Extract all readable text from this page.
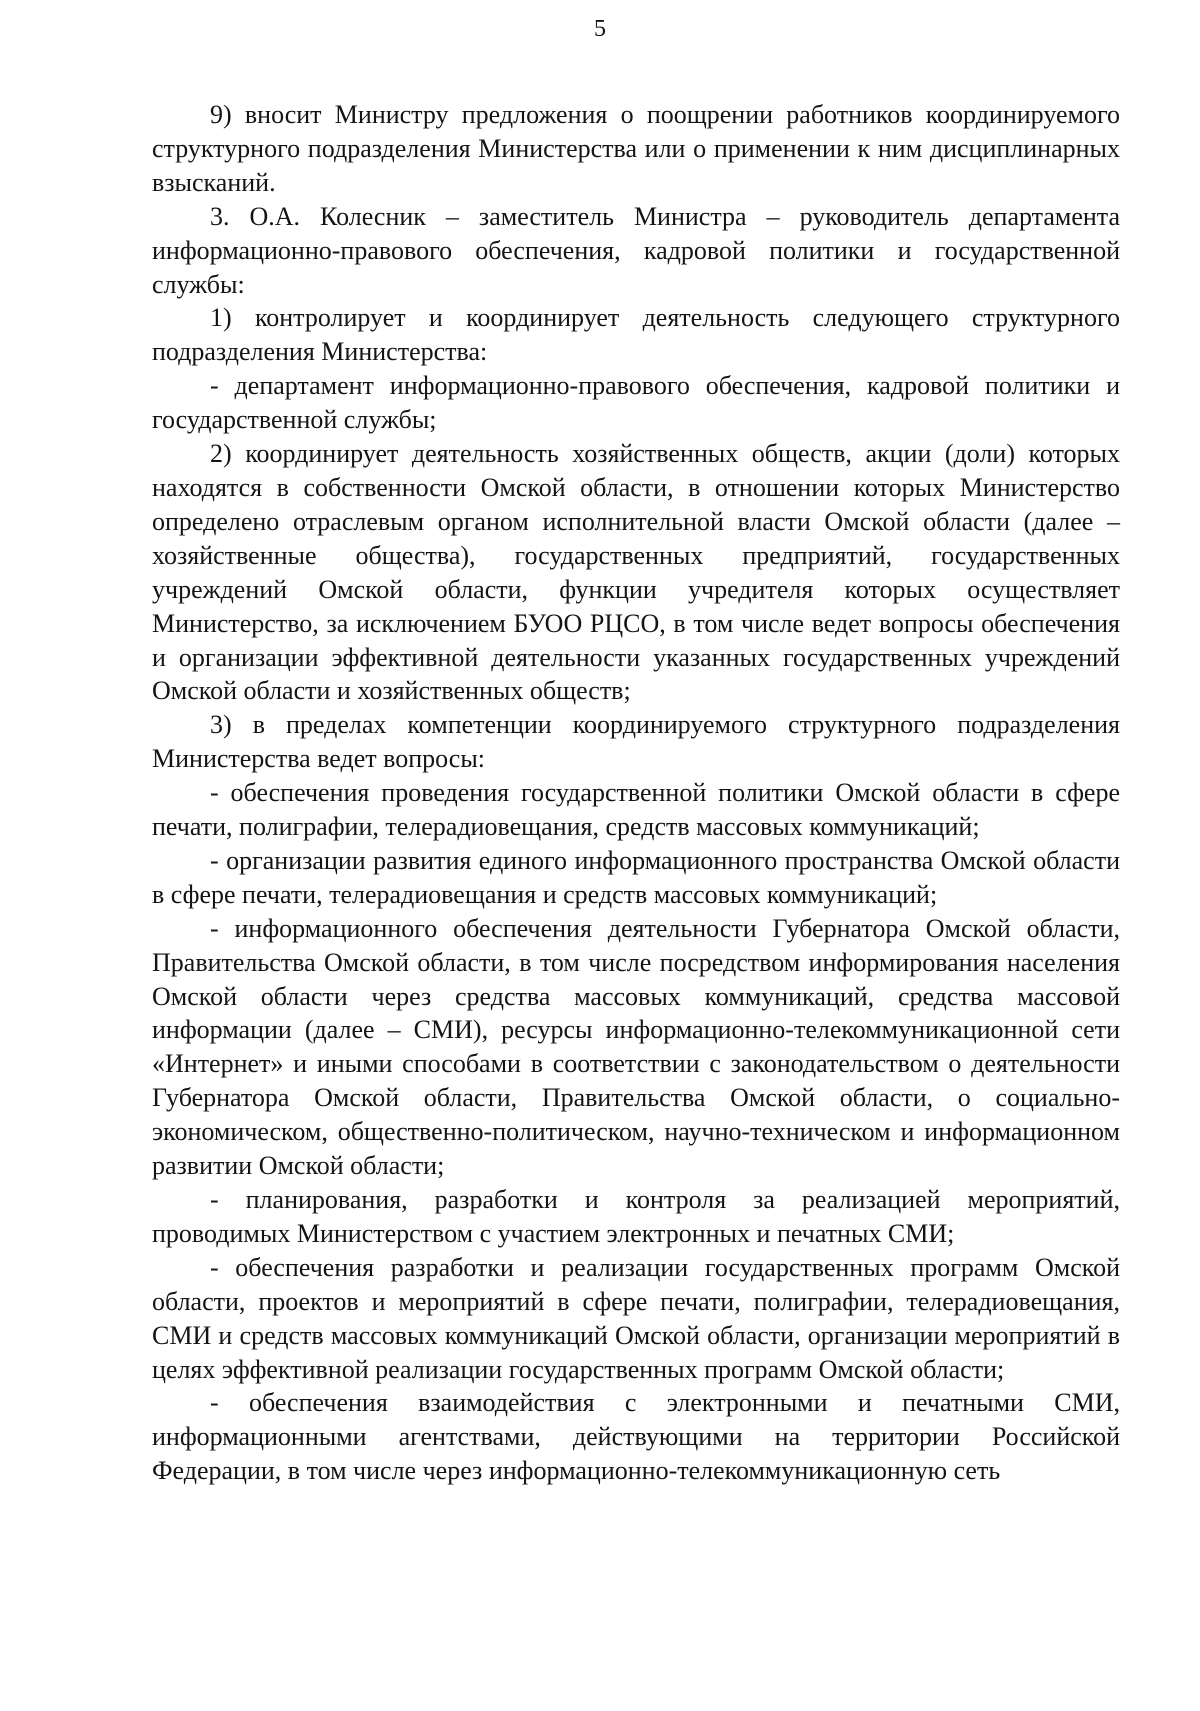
5

9) вносит Министру предложения о поощрении работников координируемого структурного подразделения Министерства или о применении к ним дисциплинарных взысканий.

3. О.А. Колесник – заместитель Министра – руководитель департамента информационно-правового обеспечения, кадровой политики и государственной службы:

1) контролирует и координирует деятельность следующего структурного подразделения Министерства:

- департамент информационно-правового обеспечения, кадровой политики и государственной службы;

2) координирует деятельность хозяйственных обществ, акции (доли) которых находятся в собственности Омской области, в отношении которых Министерство определено отраслевым органом исполнительной власти Омской области (далее – хозяйственные общества), государственных предприятий, государственных учреждений Омской области, функции учредителя которых осуществляет Министерство, за исключением БУОО РЦСО, в том числе ведет вопросы обеспечения и организации эффективной деятельности указанных государственных учреждений Омской области и хозяйственных обществ;

3) в пределах компетенции координируемого структурного подразделения Министерства ведет вопросы:

- обеспечения проведения государственной политики Омской области в сфере печати, полиграфии, телерадиовещания, средств массовых коммуникаций;

- организации развития единого информационного пространства Омской области в сфере печати, телерадиовещания и средств массовых коммуникаций;

- информационного обеспечения деятельности Губернатора Омской области, Правительства Омской области, в том числе посредством информирования населения Омской области через средства массовых коммуникаций, средства массовой информации (далее – СМИ), ресурсы информационно-телекоммуникационной сети «Интернет» и иными способами в соответствии с законодательством о деятельности Губернатора Омской области, Правительства Омской области, о социально-экономическом, общественно-политическом, научно-техническом и информационном развитии Омской области;

- планирования, разработки и контроля за реализацией мероприятий, проводимых Министерством с участием электронных и печатных СМИ;

- обеспечения разработки и реализации государственных программ Омской области, проектов и мероприятий в сфере печати, полиграфии, телерадиовещания, СМИ и средств массовых коммуникаций Омской области, организации мероприятий в целях эффективной реализации государственных программ Омской области;

- обеспечения взаимодействия с электронными и печатными СМИ, информационными агентствами, действующими на территории Российской Федерации, в том числе через информационно-телекоммуникационную сеть
